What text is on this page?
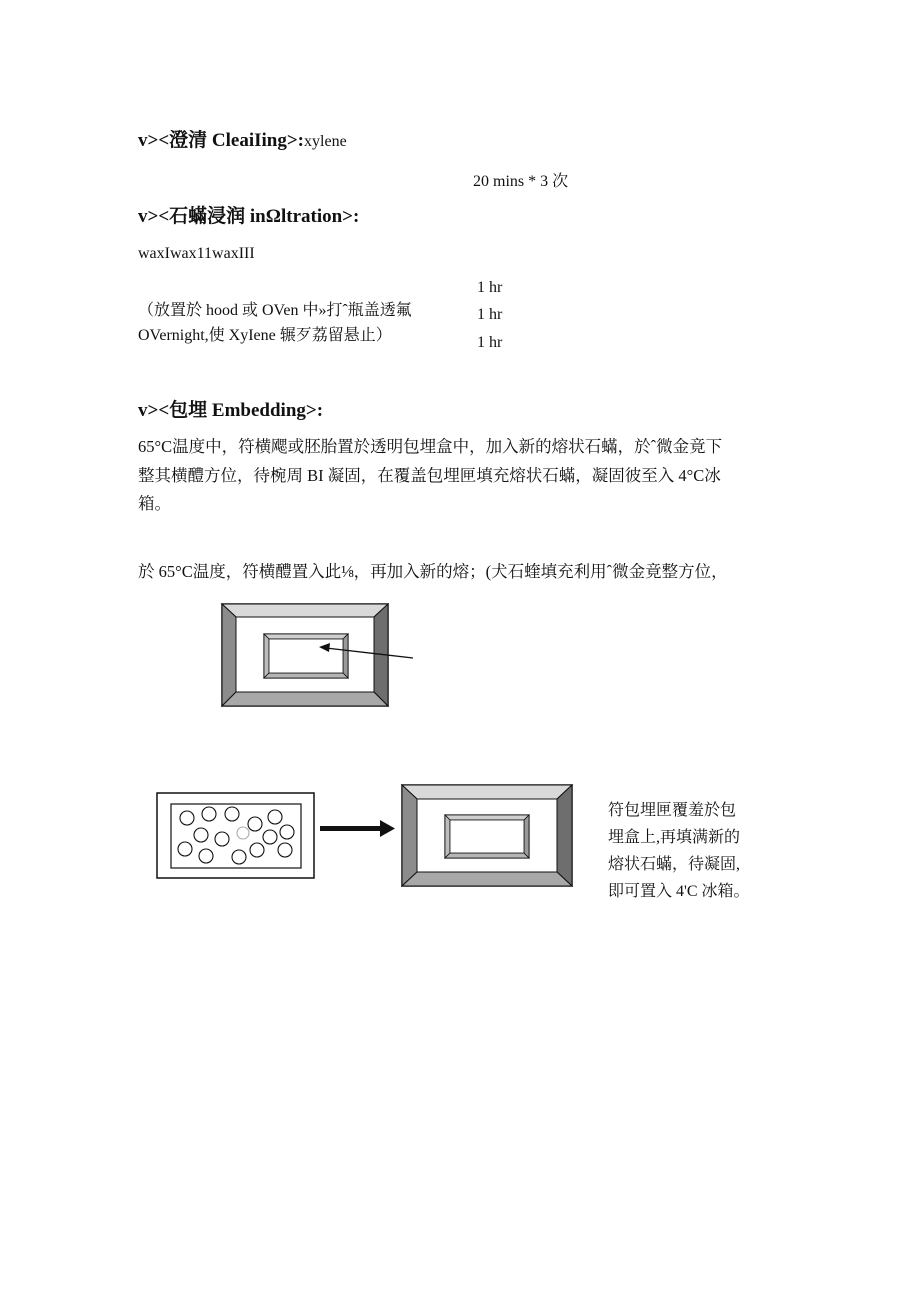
v><澄清 CleaiIing>:xylene
20 mins * 3 次
v><石蟎浸润 inΩltration>:
waxIwax11waxIII
（放置於 hood 或 OVen 中»打ˆ瓶盖透氟
OVernight,使 XyIene 辗歹荔留悬止）
1 hr
1 hr
1 hr
v><包埋 Embedding>:
65°C温度中，符横飔或胚胎置於透明包埋盒中，加入新的熔状石蟎，於ˆ微金竟下
整其横醴方位，待椀周 BI 凝固，在覆盖包埋匣填充熔状石蟎，凝固彼至入 4°C冰
箱。
於 65°C温度，符横醴置入此⅛，再加入新的熔；(犬石蝰填充利用ˆ微金竟整方位，
符包埋匣覆羞於包
埋盒上,再填满新的
熔状石蟎，待凝固,
即可置入 4'C 冰箱。
